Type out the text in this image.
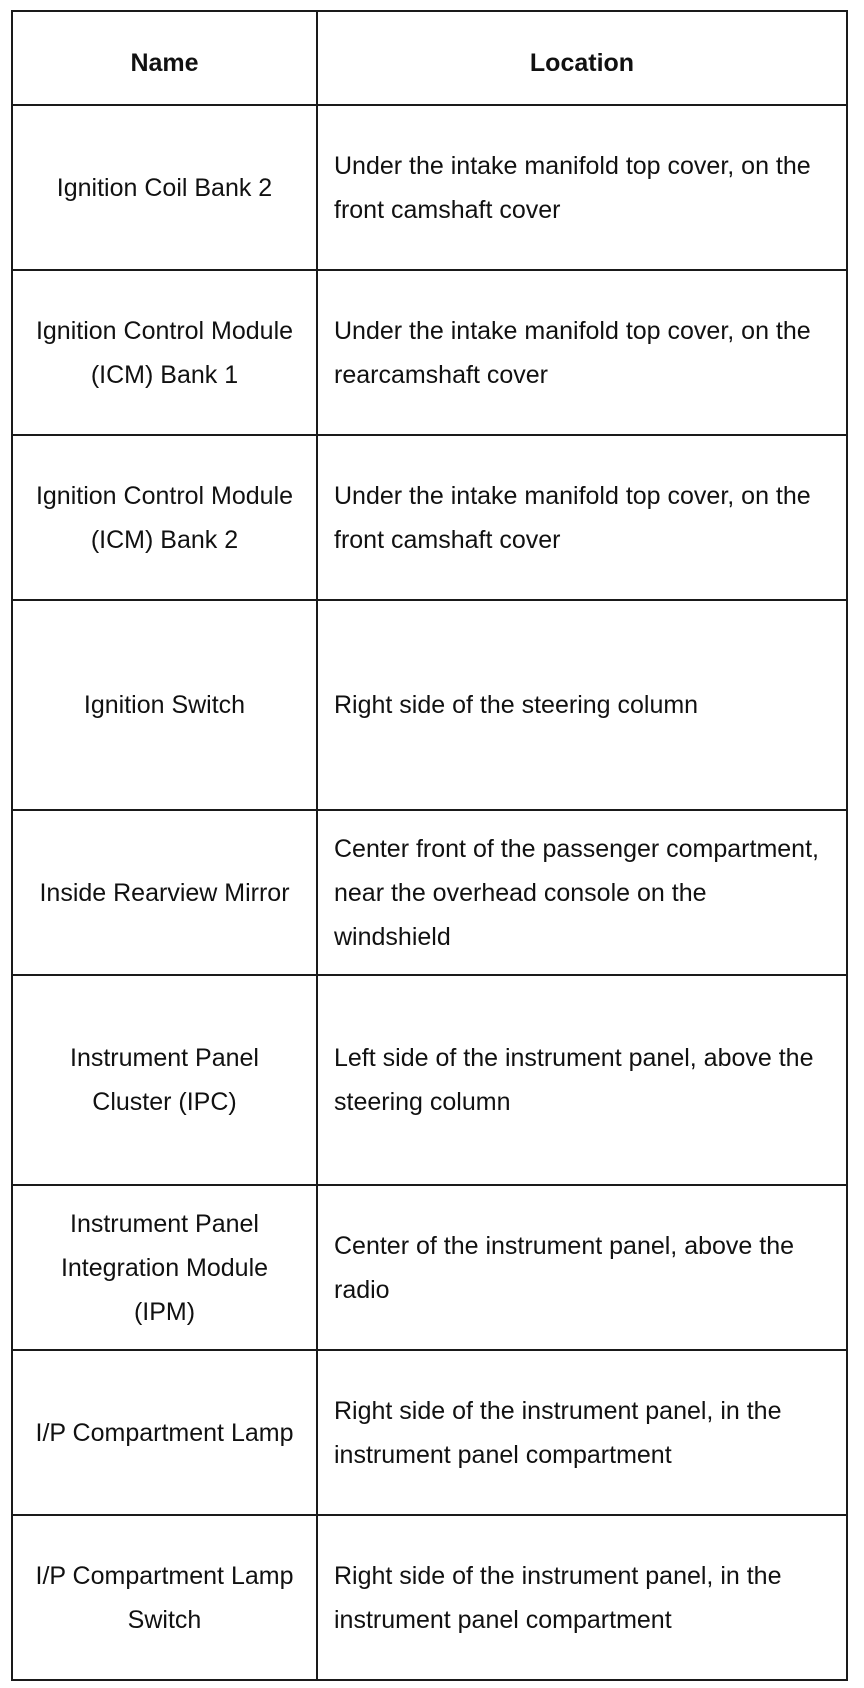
Name	Location
Ignition Coil Bank 2	Under the intake manifold top cover, on the front camshaft cover
Ignition Control Module (ICM) Bank 1	Under the intake manifold top cover, on the rearcamshaft cover
Ignition Control Module (ICM) Bank 2	Under the intake manifold top cover, on the front camshaft cover
Ignition Switch	Right side of the steering column
Inside Rearview Mirror	Center front of the passenger compartment, near the overhead console on the windshield
Instrument Panel Cluster (IPC)	Left side of the instrument panel, above the steering column
Instrument Panel Integration Module (IPM)	Center of the instrument panel, above the radio
I/P Compartment Lamp	Right side of the instrument panel, in the instrument panel compartment
I/P Compartment Lamp Switch	Right side of the instrument panel, in the instrument panel compartment
